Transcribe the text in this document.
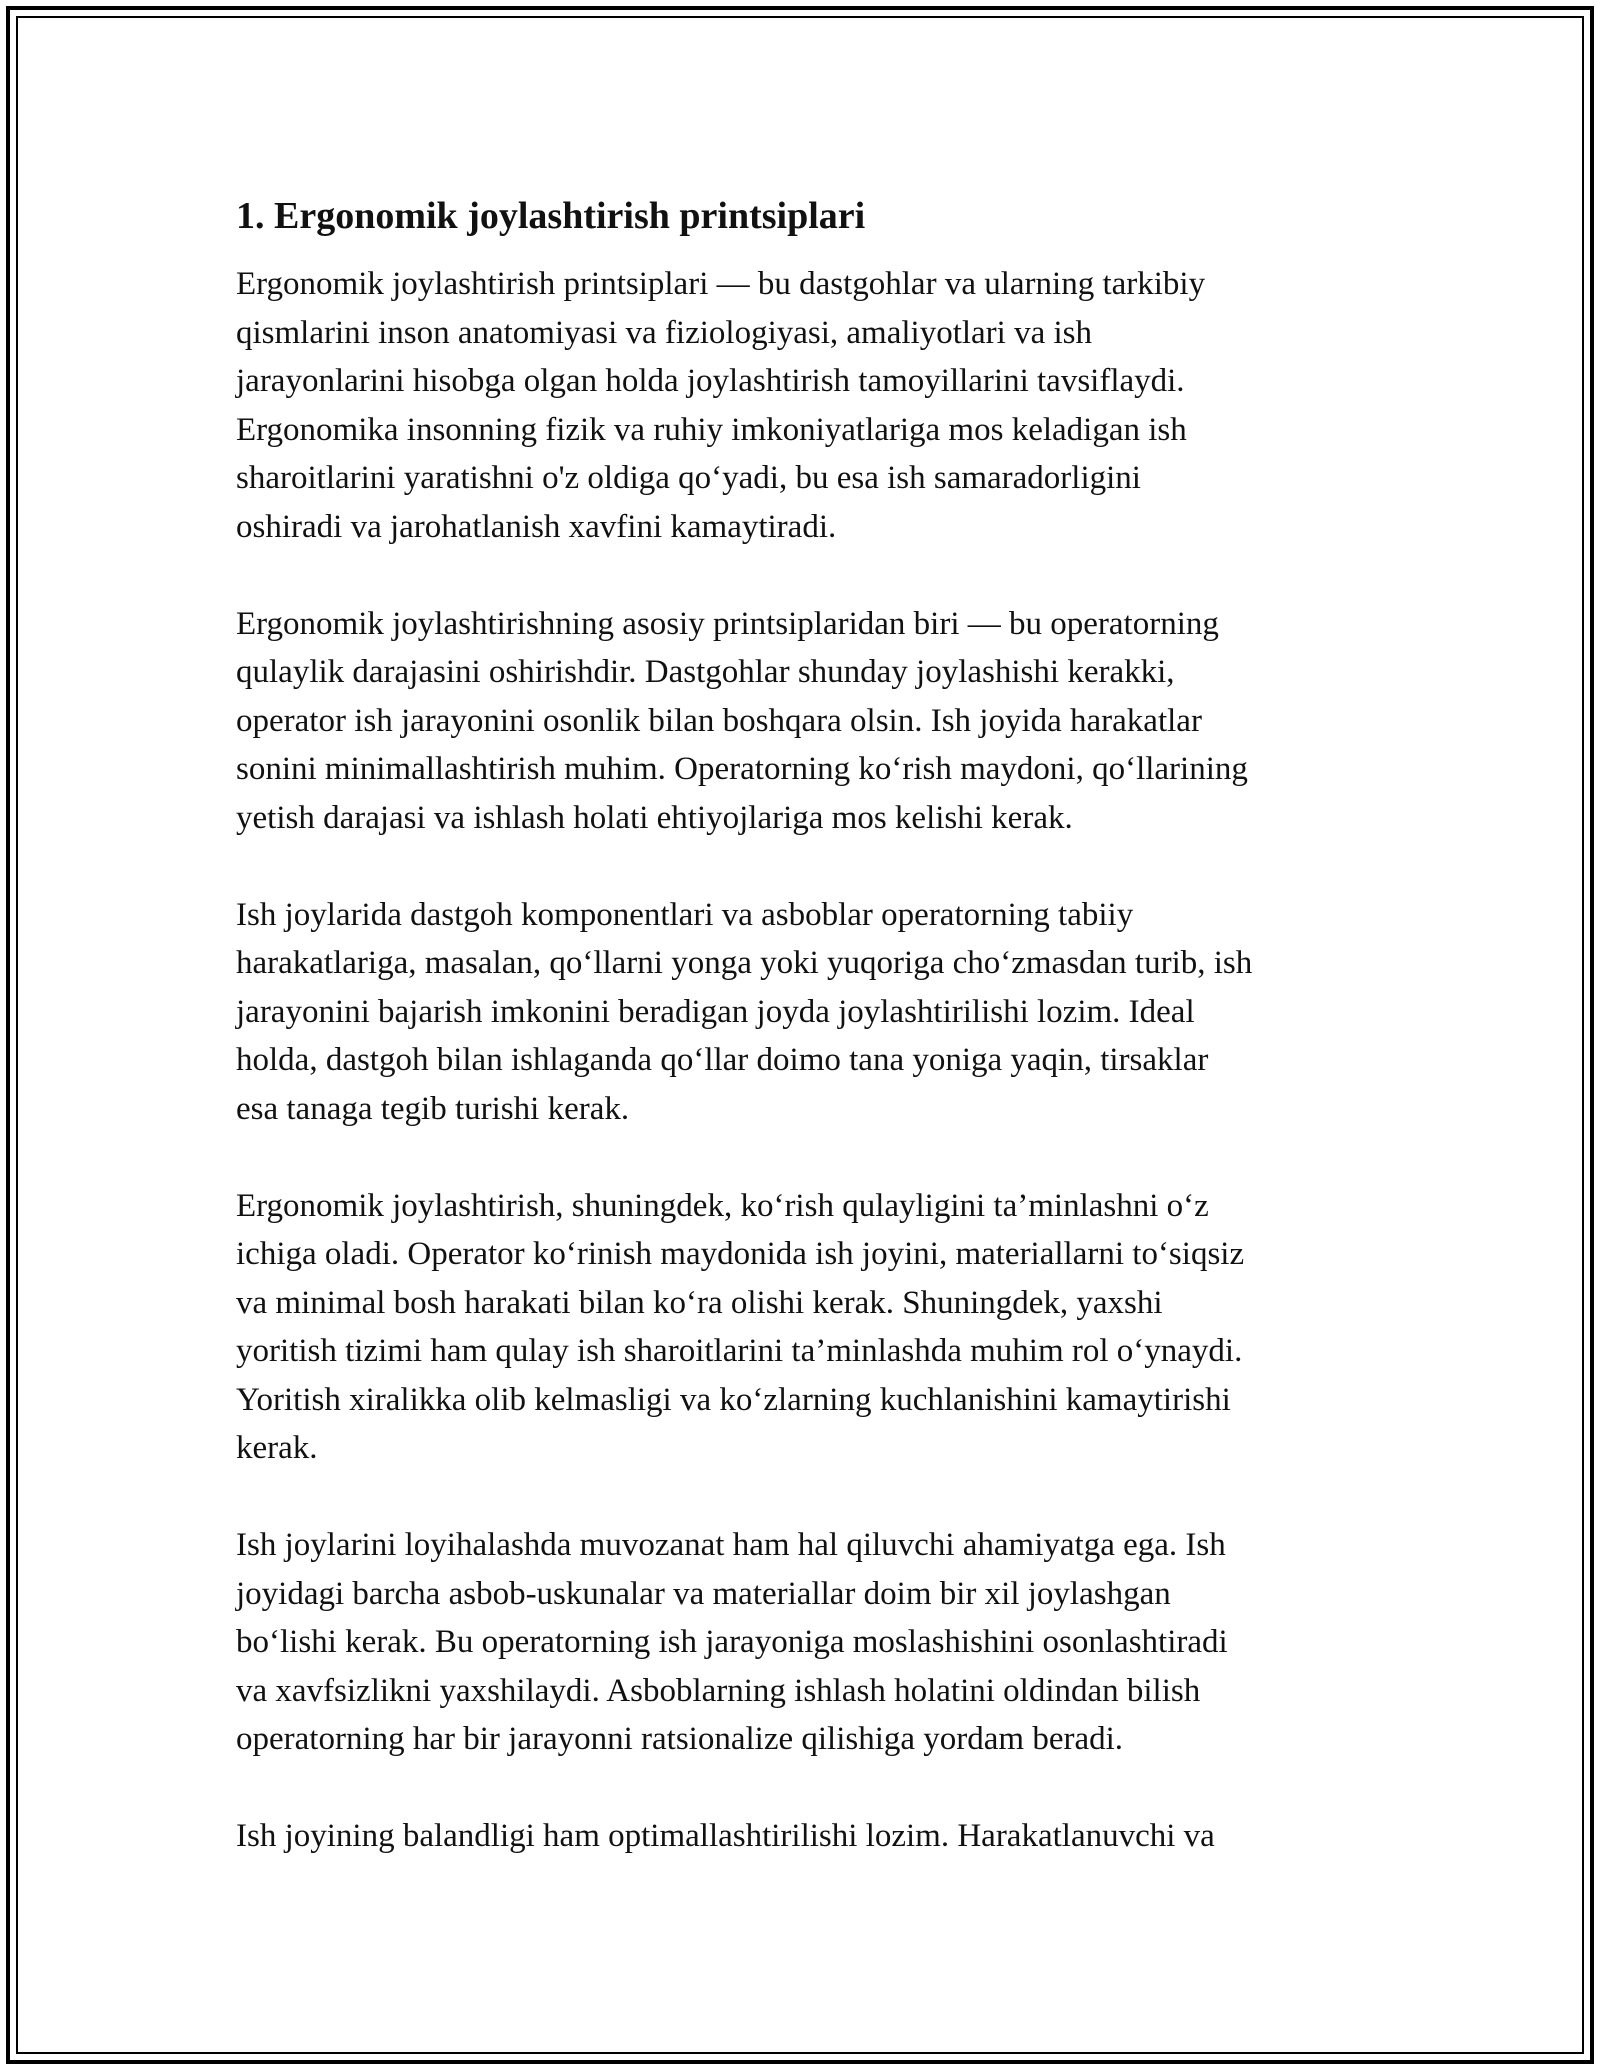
1. Ergonomik joylashtirish printsiplari

Ergonomik joylashtirish printsiplari — bu dastgohlar va ularning tarkibiy
qismlarini inson anatomiyasi va fiziologiyasi, amaliyotlari va ish
jarayonlarini hisobga olgan holda joylashtirish tamoyillarini tavsiflaydi.
Ergonomika insonning fizik va ruhiy imkoniyatlariga mos keladigan ish
sharoitlarini yaratishni o'z oldiga qo‘yadi, bu esa ish samaradorligini
oshiradi va jarohatlanish xavfini kamaytiradi.

Ergonomik joylashtirishning asosiy printsiplaridan biri — bu operatorning
qulaylik darajasini oshirishdir. Dastgohlar shunday joylashishi kerakki,
operator ish jarayonini osonlik bilan boshqara olsin. Ish joyida harakatlar
sonini minimallashtirish muhim. Operatorning ko‘rish maydoni, qo‘llarining
yetish darajasi va ishlash holati ehtiyojlariga mos kelishi kerak.

Ish joylarida dastgoh komponentlari va asboblar operatorning tabiiy
harakatlariga, masalan, qo‘llarni yonga yoki yuqoriga cho‘zmasdan turib, ish
jarayonini bajarish imkonini beradigan joyda joylashtirilishi lozim. Ideal
holda, dastgoh bilan ishlaganda qo‘llar doimo tana yoniga yaqin, tirsaklar
esa tanaga tegib turishi kerak.

Ergonomik joylashtirish, shuningdek, ko‘rish qulayligini ta’minlashni o‘z
ichiga oladi. Operator ko‘rinish maydonida ish joyini, materiallarni to‘siqsiz
va minimal bosh harakati bilan ko‘ra olishi kerak. Shuningdek, yaxshi
yoritish tizimi ham qulay ish sharoitlarini ta’minlashda muhim rol o‘ynaydi.
Yoritish xiralikka olib kelmasligi va ko‘zlarning kuchlanishini kamaytirishi
kerak.

Ish joylarini loyihalashda muvozanat ham hal qiluvchi ahamiyatga ega. Ish
joyidagi barcha asbob-uskunalar va materiallar doim bir xil joylashgan
bo‘lishi kerak. Bu operatorning ish jarayoniga moslashishini osonlashtiradi
va xavfsizlikni yaxshilaydi. Asboblarning ishlash holatini oldindan bilish
operatorning har bir jarayonni ratsionalize qilishiga yordam beradi.

Ish joyining balandligi ham optimallashtirilishi lozim. Harakatlanuvchi va
